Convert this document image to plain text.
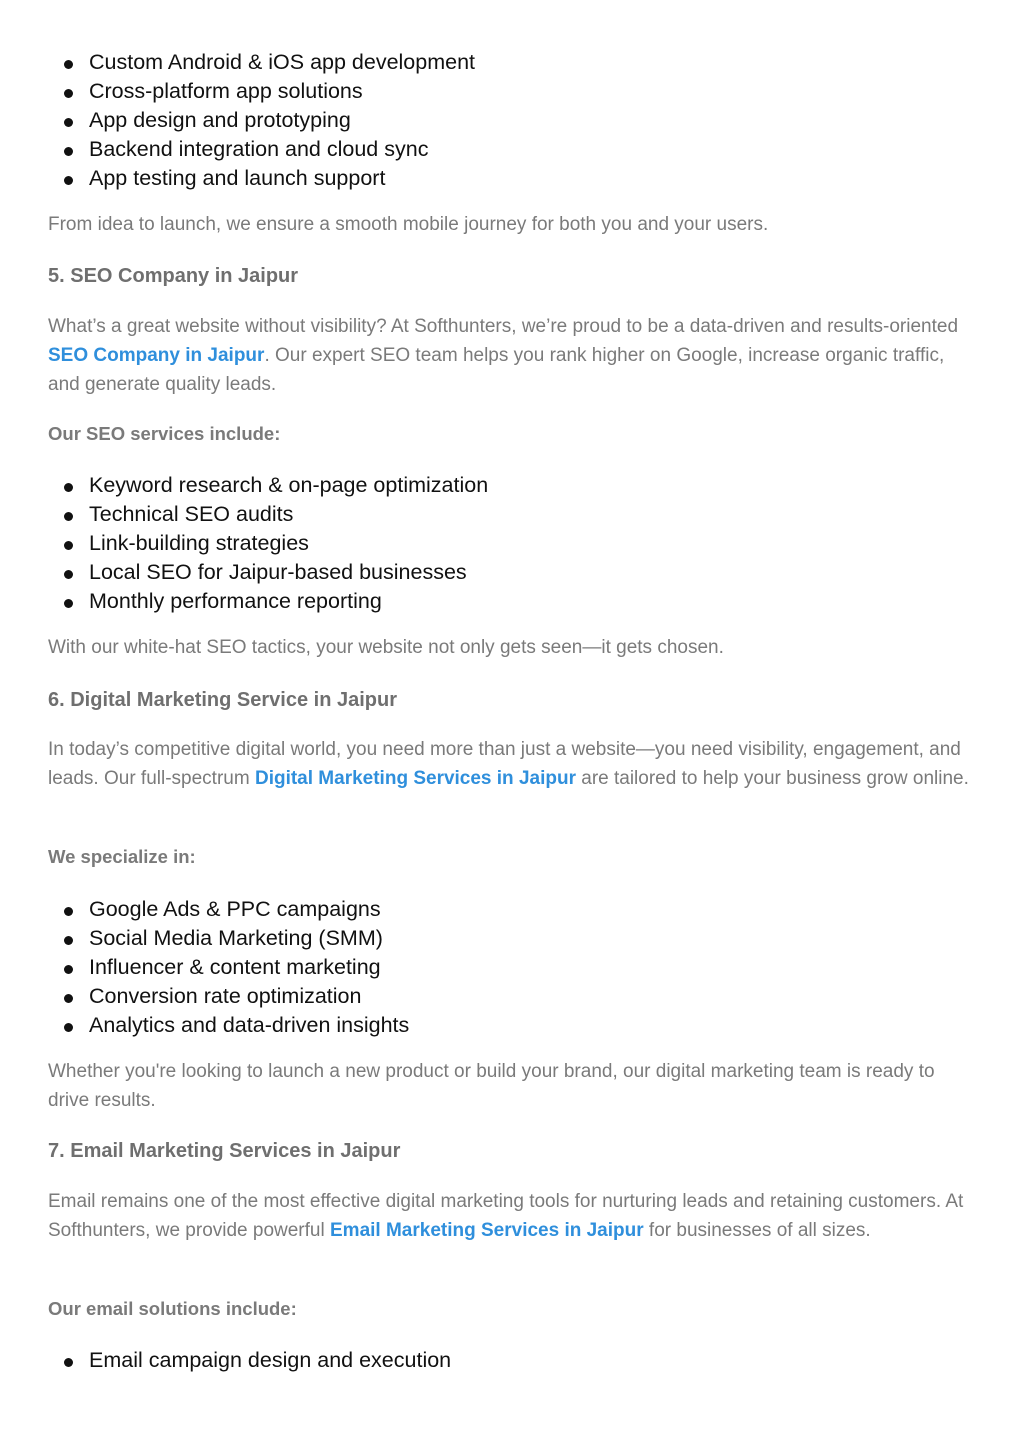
Custom Android & iOS app development
Cross-platform app solutions
App design and prototyping
Backend integration and cloud sync
App testing and launch support
From idea to launch, we ensure a smooth mobile journey for both you and your users.
5. SEO Company in Jaipur
What’s a great website without visibility? At Softhunters, we’re proud to be a data-driven and results-oriented SEO Company in Jaipur. Our expert SEO team helps you rank higher on Google, increase organic traffic, and generate quality leads.
Our SEO services include:
Keyword research & on-page optimization
Technical SEO audits
Link-building strategies
Local SEO for Jaipur-based businesses
Monthly performance reporting
With our white-hat SEO tactics, your website not only gets seen—it gets chosen.
6. Digital Marketing Service in Jaipur
In today’s competitive digital world, you need more than just a website—you need visibility, engagement, and leads. Our full-spectrum Digital Marketing Services in Jaipur are tailored to help your business grow online.
We specialize in:
Google Ads & PPC campaigns
Social Media Marketing (SMM)
Influencer & content marketing
Conversion rate optimization
Analytics and data-driven insights
Whether you're looking to launch a new product or build your brand, our digital marketing team is ready to drive results.
7. Email Marketing Services in Jaipur
Email remains one of the most effective digital marketing tools for nurturing leads and retaining customers. At Softhunters, we provide powerful Email Marketing Services in Jaipur for businesses of all sizes.
Our email solutions include:
Email campaign design and execution
